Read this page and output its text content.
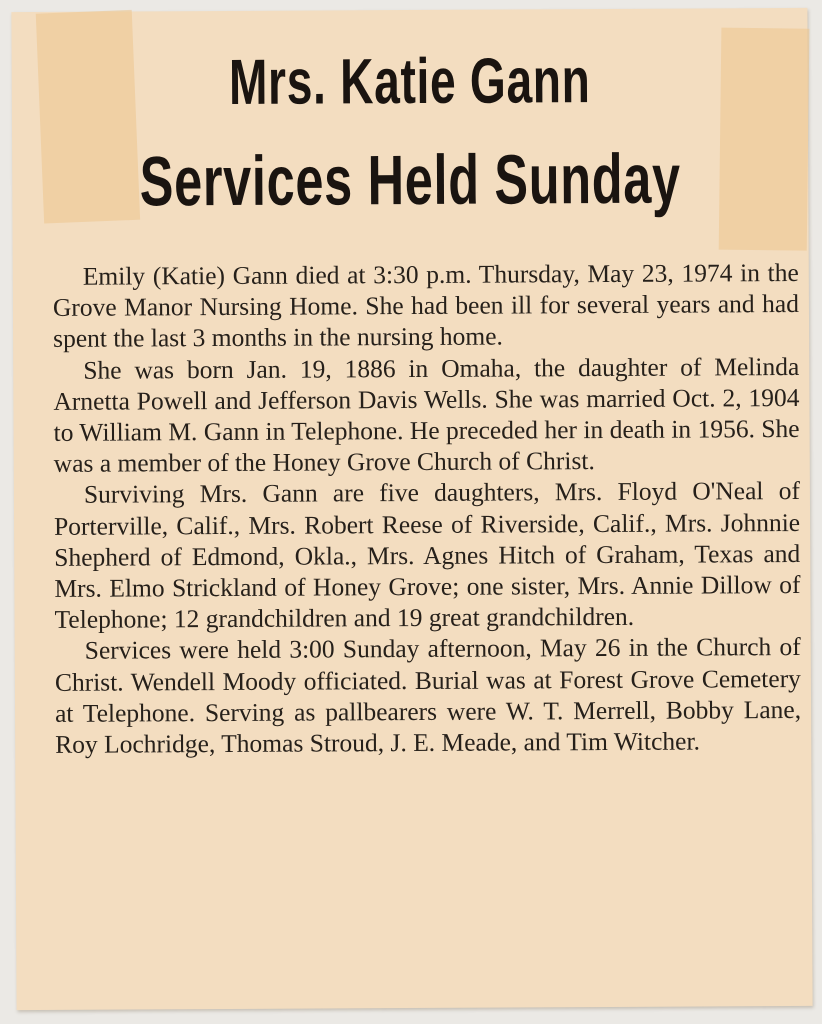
Mrs. Katie Gann
Services Held Sunday

Emily (Katie) Gann died at 3:30 p.m. Thursday, May 23, 1974 in the Grove Manor Nursing Home. She had been ill for several years and had spent the last 3 months in the nursing home.

She was born Jan. 19, 1886 in Omaha, the daughter of Melinda Arnetta Powell and Jefferson Davis Wells. She was married Oct. 2, 1904 to William M. Gann in Telephone. He preceded her in death in 1956. She was a member of the Honey Grove Church of Christ.

Surviving Mrs. Gann are five daughters, Mrs. Floyd O'Neal of Porterville, Calif., Mrs. Robert Reese of Riverside, Calif., Mrs. Johnnie Shepherd of Edmond, Okla., Mrs. Agnes Hitch of Graham, Texas and Mrs. Elmo Strickland of Honey Grove; one sister, Mrs. Annie Dillow of Telephone; 12 grandchildren and 19 great grandchildren.

Services were held 3:00 Sunday afternoon, May 26 in the Church of Christ. Wendell Moody officiated. Burial was at Forest Grove Cemetery at Telephone. Serving as pallbearers were W. T. Merrell, Bobby Lane, Roy Lochridge, Thomas Stroud, J. E. Meade, and Tim Witcher.
